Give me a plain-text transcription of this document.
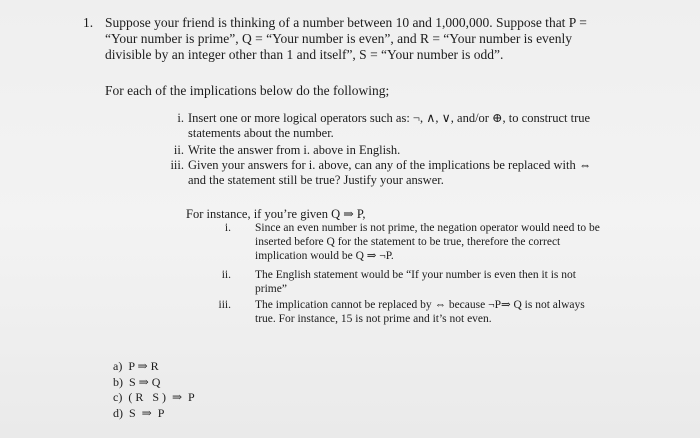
1. Suppose your friend is thinking of a number between 10 and 1,000,000. Suppose that P = “Your number is prime”, Q = “Your number is even”, and R = “Your number is evenly divisible by an integer other than 1 and itself”, S = “Your number is odd”.
For each of the implications below do the following;
i. Insert one or more logical operators such as: ¬, ∧, ∨, and/or ⊕, to construct true statements about the number.
ii. Write the answer from i. above in English.
iii. Given your answers for i. above, can any of the implications be replaced with ⇔ and the statement still be true? Justify your answer.
For instance, if you’re given Q ⇒ P,
i. Since an even number is not prime, the negation operator would need to be inserted before Q for the statement to be true, therefore the correct implication would be Q ⇒ ¬P.
ii. The English statement would be “If your number is even then it is not prime”
iii. The implication cannot be replaced by ⇔ because ¬P⇒ Q is not always true. For instance, 15 is not prime and it’s not even.
a)  P ⇒ R
b)  S ⇒ Q
c)  ( R   S )  ⇒  P
d)  S  ⇒  P
